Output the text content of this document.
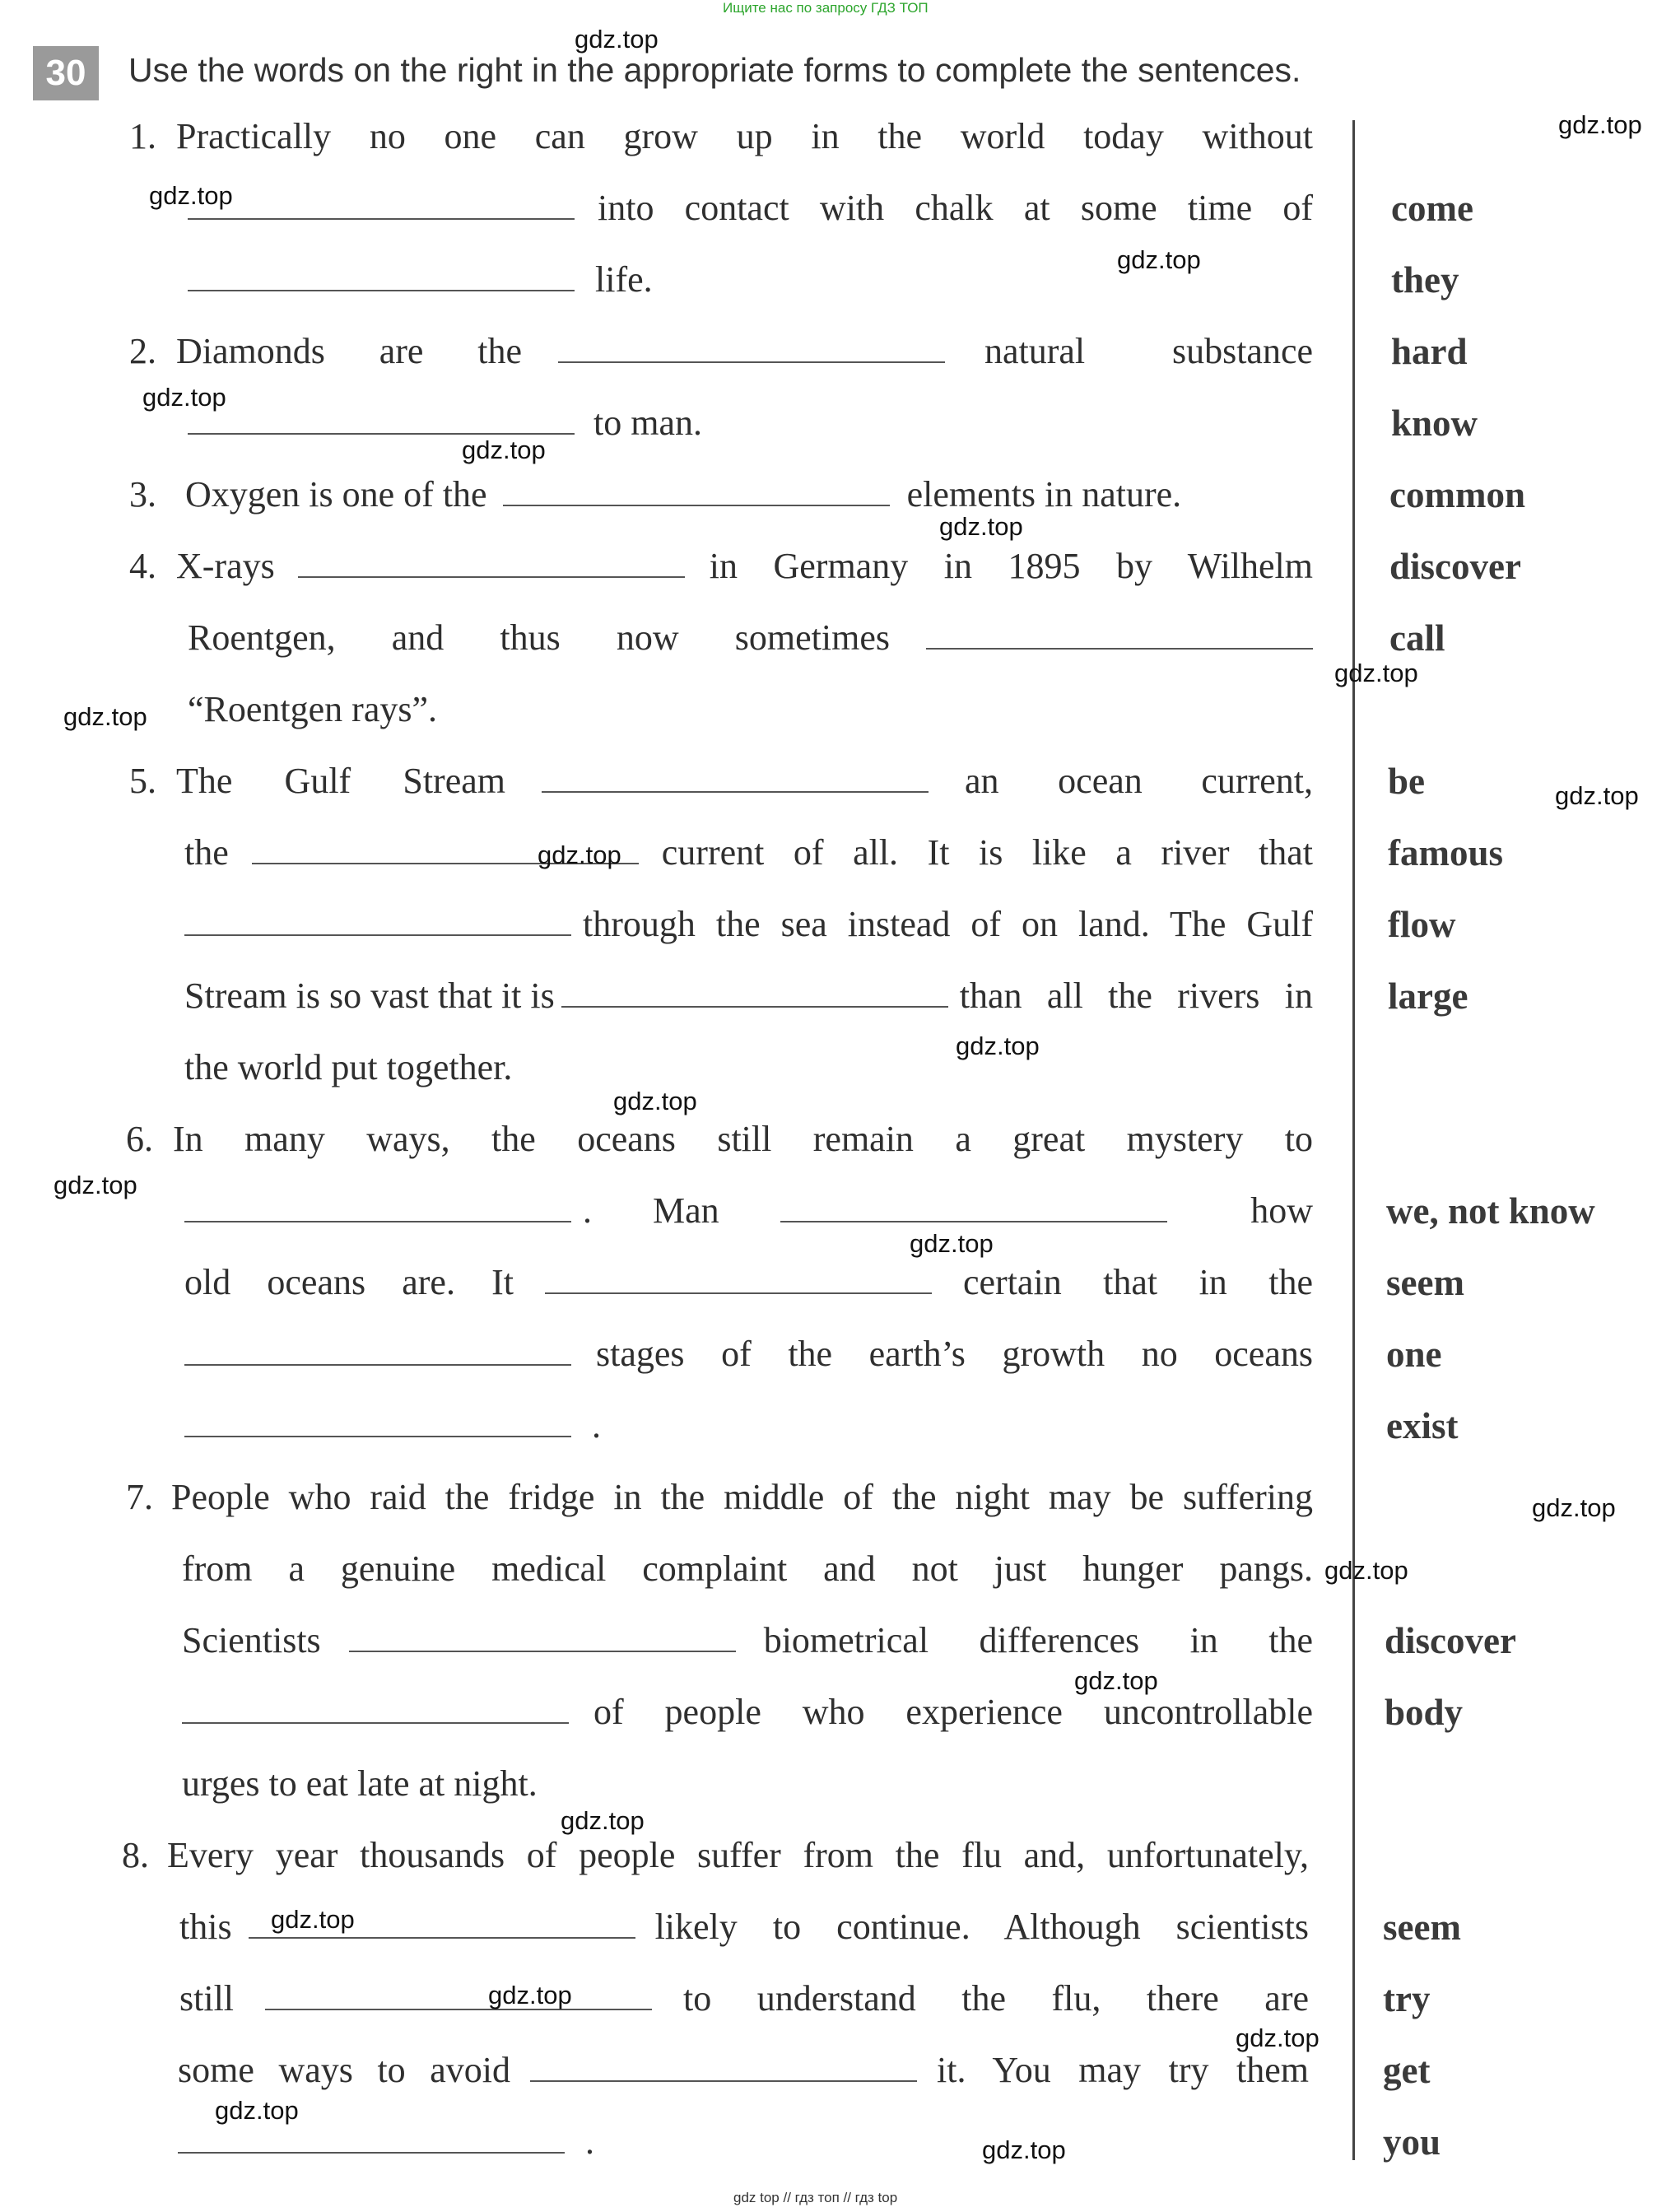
Ищите нас по запросу ГДЗ ТОП
30	Use the words on the right in the appropriate forms to complete the sentences.
1. Practically no one can grow up in the world today without
into contact with chalk at some time of
life.
2. Diamonds are the	natural substance
to man.
3. Oxygen is one of the	elements in nature.
4. X-rays	in Germany in 1895 by Wilhelm
Roentgen, and thus now sometimes
“Roentgen rays”.
5. The Gulf Stream	an ocean current,
the	current of all. It is like a river that
through the sea instead of on land. The Gulf
Stream is so vast that it is	than all the rivers in
the world put together.
6. In many ways, the oceans still remain a great mystery to
. Man	how
old oceans are. It	certain that in the
stages of the earth’s growth no oceans
.
7. People who raid the fridge in the middle of the night may be suffering
from a genuine medical complaint and not just hunger pangs.
Scientists	biometrical differences in the
of people who experience uncontrollable
urges to eat late at night.
8. Every year thousands of people suffer from the flu and, unfortunately,
this	likely to continue. Although scientists
still	to understand the flu, there are
some ways to avoid	it. You may try them
.
come
they
hard
know
common
discover
call
be
famous
flow
large
we, not know
seem
one
exist
discover
body
seem
try
get
you
gdz.top
gdz.top
gdz.top
gdz.top
gdz.top
gdz.top
gdz.top
gdz.top
gdz.top
gdz.top
gdz.top
gdz.top
gdz.top
gdz.top
gdz.top
gdz.top
gdz.top
gdz.top
gdz.top
gdz.top
gdz.top
gdz.top
gdz.top
gdz.top
gdz top // гдз топ // гдз top
